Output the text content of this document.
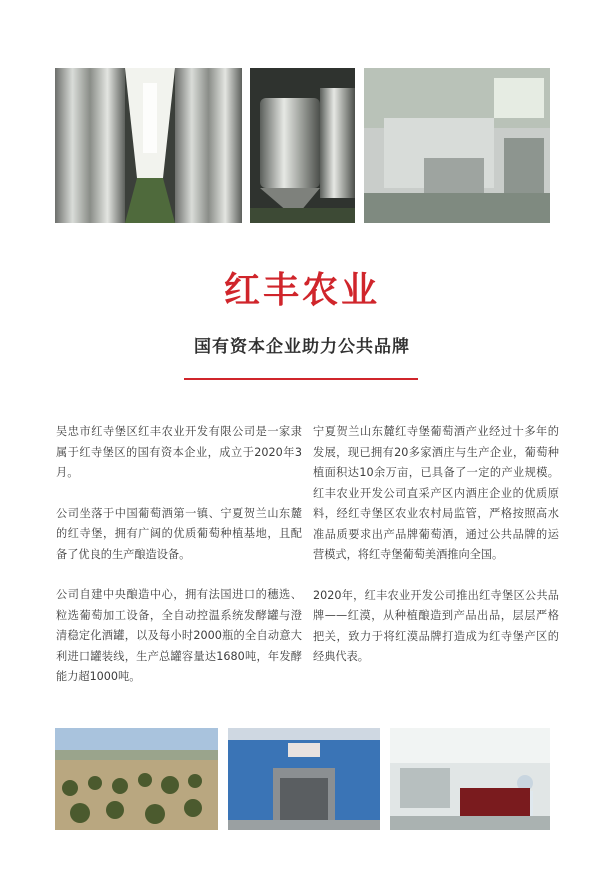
红丰农业
国有资本企业助力公共品牌

吴忠市红寺堡区红丰农业开发有限公司是一家隶属于红寺堡区的国有资本企业，成立于2020年3月。

公司坐落于中国葡萄酒第一镇、宁夏贺兰山东麓的红寺堡，拥有广阔的优质葡萄种植基地，且配备了优良的生产酿造设备。

公司自建中央酿造中心，拥有法国进口的穗选、粒选葡萄加工设备，全自动控温系统发酵罐与澄清稳定化酒罐，以及每小时2000瓶的全自动意大利进口罐装线，生产总罐容量达1680吨，年发酵能力超1000吨。

宁夏贺兰山东麓红寺堡葡萄酒产业经过十多年的发展，现已拥有20多家酒庄与生产企业，葡萄种植面积达10余万亩，已具备了一定的产业规模。红丰农业开发公司直采产区内酒庄企业的优质原料，经红寺堡区农业农村局监管，严格按照高水准品质要求出产品牌葡萄酒，通过公共品牌的运营模式，将红寺堡葡萄美酒推向全国。

2020年，红丰农业开发公司推出红寺堡区公共品牌——红漠，从种植酿造到产品出品，层层严格把关，致力于将红漠品牌打造成为红寺堡产区的经典代表。
